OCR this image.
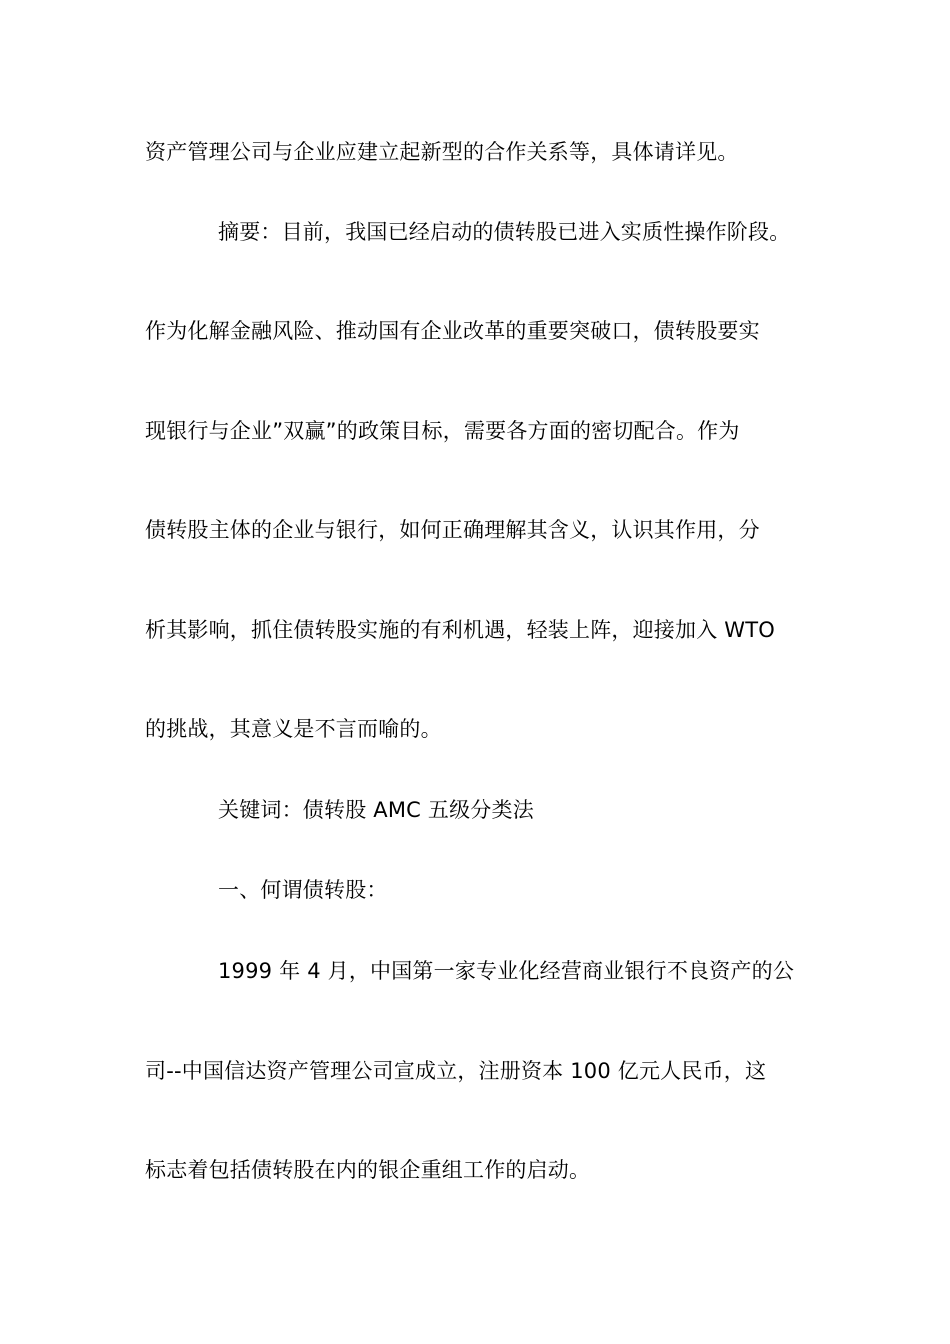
资产管理公司与企业应建立起新型的合作关系等，具体请详见。
摘要：目前，我国已经启动的债转股已进入实质性操作阶段。
作为化解金融风险、推动国有企业改革的重要突破口，债转股要实
现银行与企业”双赢”的政策目标，需要各方面的密切配合。作为
债转股主体的企业与银行，如何正确理解其含义，认识其作用，分
析其影响，抓住债转股实施的有利机遇，轻装上阵，迎接加入 WTO
的挑战，其意义是不言而喻的。
关键词：债转股 AMC 五级分类法
一、何谓债转股：
1999 年 4 月，中国第一家专业化经营商业银行不良资产的公
司--中国信达资产管理公司宣成立，注册资本 100 亿元人民币，这
标志着包括债转股在内的银企重组工作的启动。
